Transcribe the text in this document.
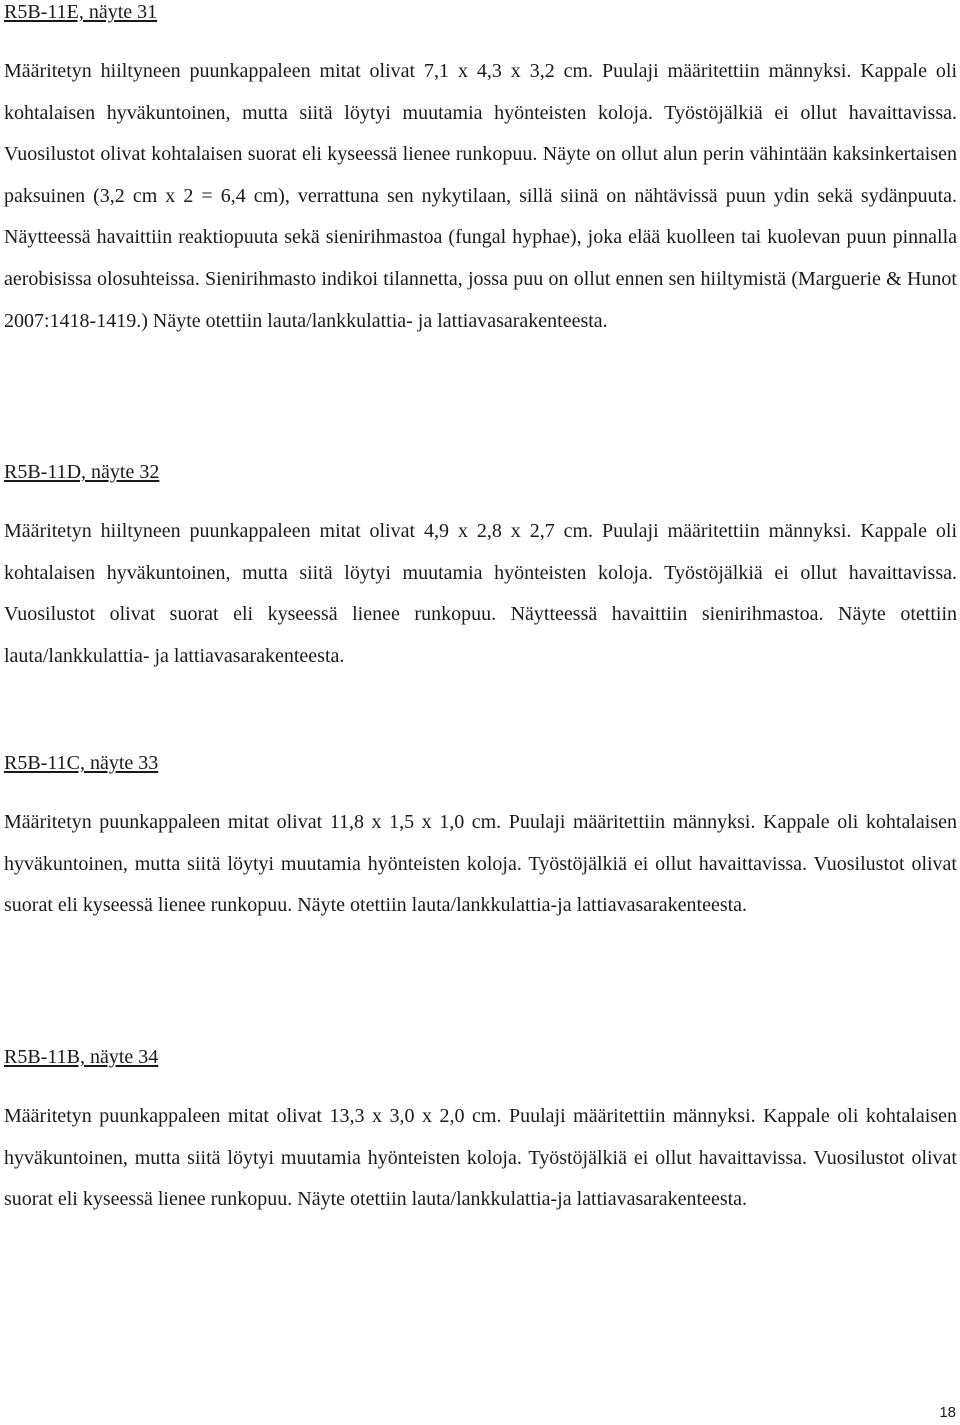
R5B-11E, näyte 31

Määritetyn hiiltyneen puunkappaleen mitat olivat 7,1 x 4,3 x 3,2 cm. Puulaji määritettiin männyksi. Kappale oli kohtalaisen hyväkuntoinen, mutta siitä löytyi muutamia hyönteisten koloja. Työstöjälkiä ei ollut havaittavissa. Vuosilustot olivat kohtalaisen suorat eli kyseessä lienee runkopuu. Näyte on ollut alun perin vähintään kaksinkertaisen paksuinen (3,2 cm x 2 = 6,4 cm), verrattuna sen nykytilaan, sillä siinä on nähtävissä puun ydin sekä sydänpuuta. Näytteessä havaittiin reaktiopuuta sekä sienirihmastoa (fungal hyphae), joka elää kuolleen tai kuolevan puun pinnalla aerobisissa olosuhteissa. Sienirihmasto indikoi tilannetta, jossa puu on ollut ennen sen hiiltymistä (Marguerie & Hunot 2007:1418-1419.) Näyte otettiin lauta/lankkulattia- ja lattiavasarakenteesta.

R5B-11D, näyte 32

Määritetyn hiiltyneen puunkappaleen mitat olivat 4,9 x 2,8 x 2,7 cm. Puulaji määritettiin männyksi. Kappale oli kohtalaisen hyväkuntoinen, mutta siitä löytyi muutamia hyönteisten koloja. Työstöjälkiä ei ollut havaittavissa. Vuosilustot olivat suorat eli kyseessä lienee runkopuu. Näytteessä havaittiin sienirihmastoa. Näyte otettiin lauta/lankkulattia- ja lattiavasarakenteesta.

R5B-11C, näyte 33

Määritetyn puunkappaleen mitat olivat 11,8 x 1,5 x 1,0 cm. Puulaji määritettiin männyksi. Kappale oli kohtalaisen hyväkuntoinen, mutta siitä löytyi muutamia hyönteisten koloja. Työstöjälkiä ei ollut havaittavissa. Vuosilustot olivat suorat eli kyseessä lienee runkopuu. Näyte otettiin lauta/lankkulattia-ja lattiavasarakenteesta.

R5B-11B, näyte 34

Määritetyn puunkappaleen mitat olivat 13,3 x 3,0 x 2,0 cm. Puulaji määritettiin männyksi. Kappale oli kohtalaisen hyväkuntoinen, mutta siitä löytyi muutamia hyönteisten koloja. Työstöjälkiä ei ollut havaittavissa. Vuosilustot olivat suorat eli kyseessä lienee runkopuu. Näyte otettiin lauta/lankkulattia-ja lattiavasarakenteesta.

18
